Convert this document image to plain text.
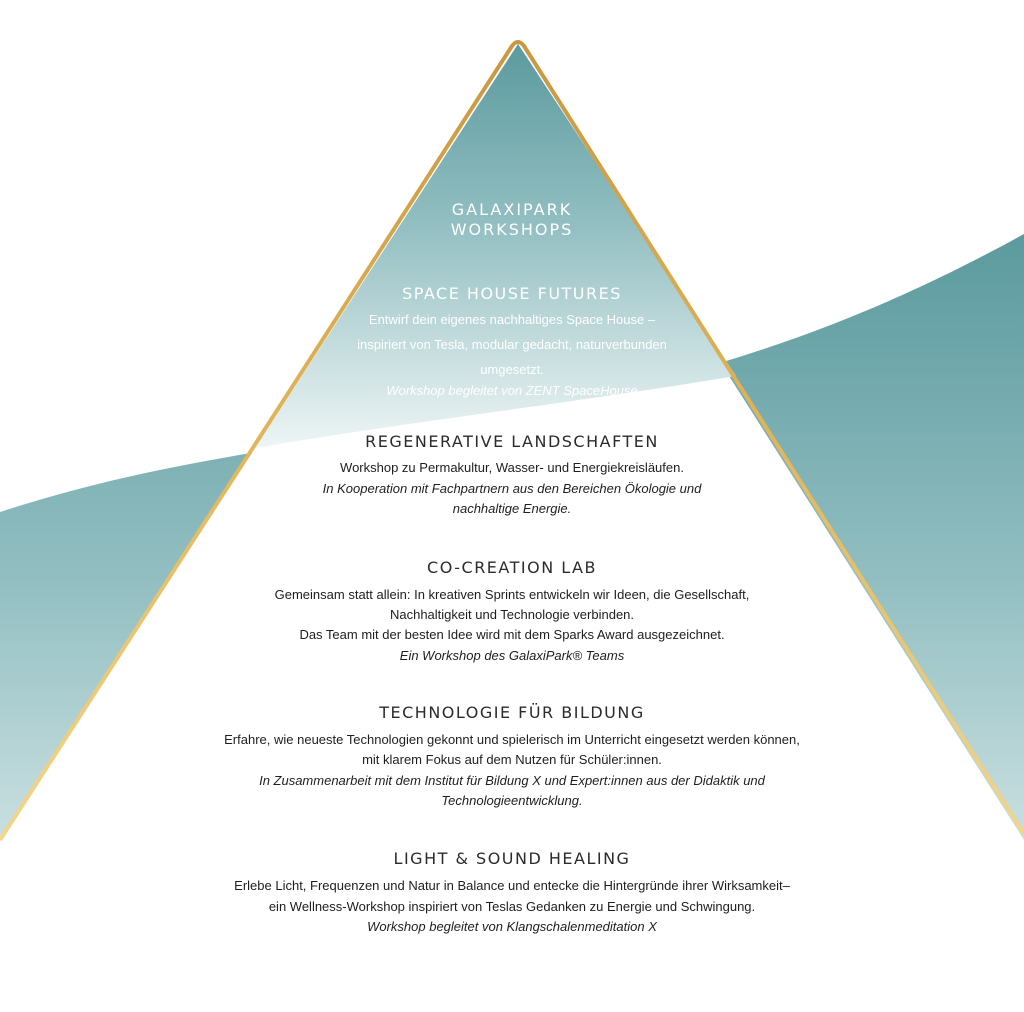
GALAXIPARK
WORKSHOPS
SPACE HOUSE FUTURES
Entwirf dein eigenes nachhaltiges Space House –
inspiriert von Tesla, modular gedacht, naturverbunden
umgesetzt.
Workshop begleitet von ZENT SpaceHouse
REGENERATIVE LANDSCHAFTEN
Workshop zu Permakultur, Wasser- und Energiekreisläufen.
In Kooperation mit Fachpartnern aus den Bereichen Ökologie und
nachhaltige Energie.
CO-CREATION LAB
Gemeinsam statt allein: In kreativen Sprints entwickeln wir Ideen, die Gesellschaft,
Nachhaltigkeit und Technologie verbinden.
Das Team mit der besten Idee wird mit dem Sparks Award ausgezeichnet.
Ein Workshop des GalaxiPark® Teams
TECHNOLOGIE FÜR BILDUNG
Erfahre, wie neueste Technologien gekonnt und spielerisch im Unterricht eingesetzt werden können,
mit klarem Fokus auf dem Nutzen für Schüler:innen.
In Zusammenarbeit mit dem Institut für Bildung X und Expert:innen aus der Didaktik und
Technologieentwicklung.
LIGHT & SOUND HEALING
Erlebe Licht, Frequenzen und Natur in Balance und entecke die Hintergründe ihrer Wirksamkeit–
ein Wellness-Workshop inspiriert von Teslas Gedanken zu Energie und Schwingung.
Workshop begleitet von Klangschalenmeditation X
